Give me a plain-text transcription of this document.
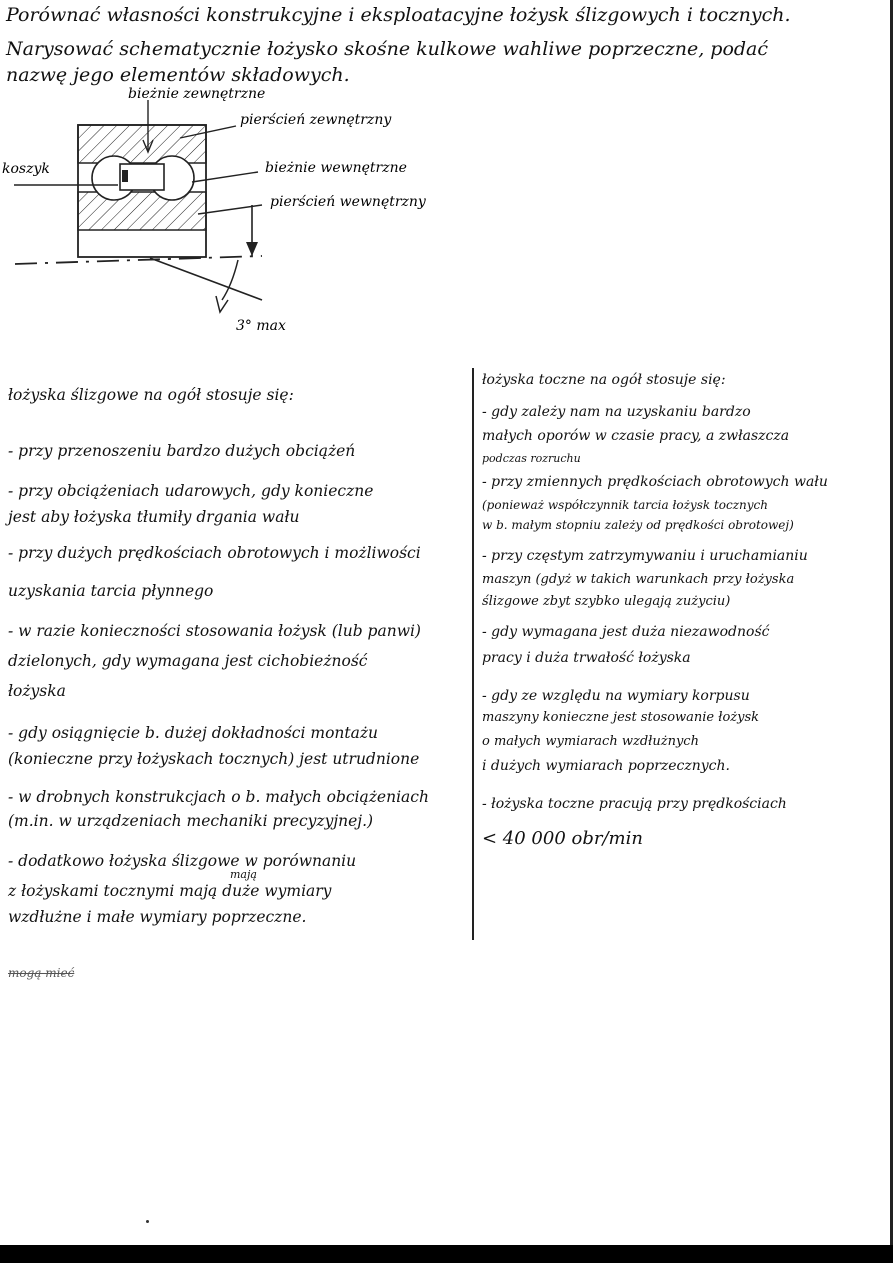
Porównać własności konstrukcyjne i eksploatacyjne łożysk ślizgowych i tocznych.
Narysować schematycznie łożysko skośne kulkowe wahliwe poprzeczne, podać
nazwę jego elementów składowych.
bieżnie zewnętrzne
pierścień zewnętrzny
koszyk	bieżnie wewnętrzne
pierścień wewnętrzny
3° max
łożyska ślizgowe na ogół stosuje się:
- przy przenoszeniu bardzo dużych obciążeń
- przy obciążeniach udarowych, gdy konieczne
jest aby łożyska tłumiły drgania wału
- przy dużych prędkościach obrotowych i możliwości
uzyskania tarcia płynnego
- w razie konieczności stosowania łożysk (lub panwi)
dzielonych, gdy wymagana jest cichobieżność
łożyska
- gdy osiągnięcie b. dużej dokładności montażu
(konieczne przy łożyskach tocznych) jest utrudnione
- w drobnych konstrukcjach o b. małych obciążeniach
(m.in. w urządzeniach mechaniki precyzyjnej.)
- dodatkowo łożyska ślizgowe w porównaniu
z łożyskami tocznymi mają duże wymiary
wzdłużne i małe wymiary poprzeczne.
mają
mogą mieć
łożyska toczne na ogół stosuje się:
- gdy zależy nam na uzyskaniu bardzo
małych oporów w czasie pracy, a zwłaszcza
podczas rozruchu
- przy zmiennych prędkościach obrotowych wału
(ponieważ współczynnik tarcia łożysk tocznych
w b. małym stopniu zależy od prędkości obrotowej)
- przy częstym zatrzymywaniu i uruchamianiu
maszyn (gdyż w takich warunkach przy łożyska
ślizgowe zbyt szybko ulegają zużyciu)
- gdy wymagana jest duża niezawodność
pracy i duża trwałość łożyska
- gdy ze względu na wymiary korpusu
maszyny konieczne jest stosowanie łożysk
o małych wymiarach wzdłużnych
i dużych wymiarach poprzecznych.
- łożyska toczne pracują przy prędkościach
< 40 000 obr/min
